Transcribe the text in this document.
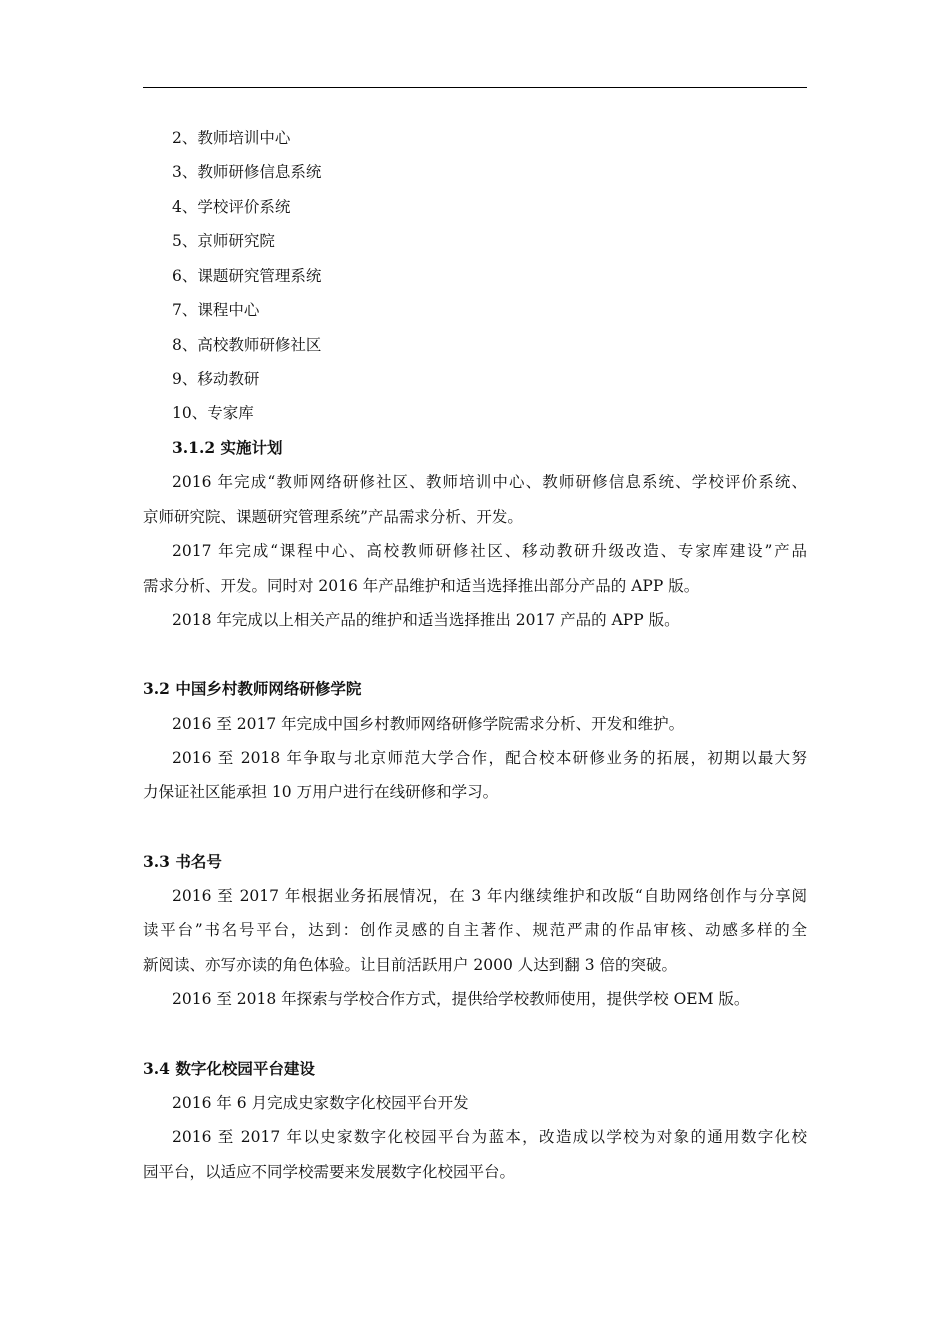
2、教师培训中心
3、教师研修信息系统
4、学校评价系统
5、京师研究院
6、课题研究管理系统
7、课程中心
8、高校教师研修社区
9、移动教研
10、专家库
3.1.2 实施计划
2016 年完成“教师网络研修社区、教师培训中心、教师研修信息系统、学校评价系统、
京师研究院、课题研究管理系统”产品需求分析、开发。
2017 年完成“课程中心、高校教师研修社区、移动教研升级改造、专家库建设”产品
需求分析、开发。同时对 2016 年产品维护和适当选择推出部分产品的 APP 版。
2018 年完成以上相关产品的维护和适当选择推出 2017 产品的 APP 版。
3.2 中国乡村教师网络研修学院
2016 至 2017 年完成中国乡村教师网络研修学院需求分析、开发和维护。
2016 至 2018 年争取与北京师范大学合作，配合校本研修业务的拓展，初期以最大努
力保证社区能承担 10 万用户进行在线研修和学习。
3.3 书名号
2016 至 2017 年根据业务拓展情况，在 3 年内继续维护和改版“自助网络创作与分享阅
读平台”书名号平台，达到：创作灵感的自主著作、规范严肃的作品审核、动感多样的全
新阅读、亦写亦读的角色体验。让目前活跃用户 2000 人达到翻 3 倍的突破。
2016 至 2018 年探索与学校合作方式，提供给学校教师使用，提供学校 OEM 版。
3.4 数字化校园平台建设
2016 年 6 月完成史家数字化校园平台开发
2016 至 2017 年以史家数字化校园平台为蓝本，改造成以学校为对象的通用数字化校
园平台，以适应不同学校需要来发展数字化校园平台。
